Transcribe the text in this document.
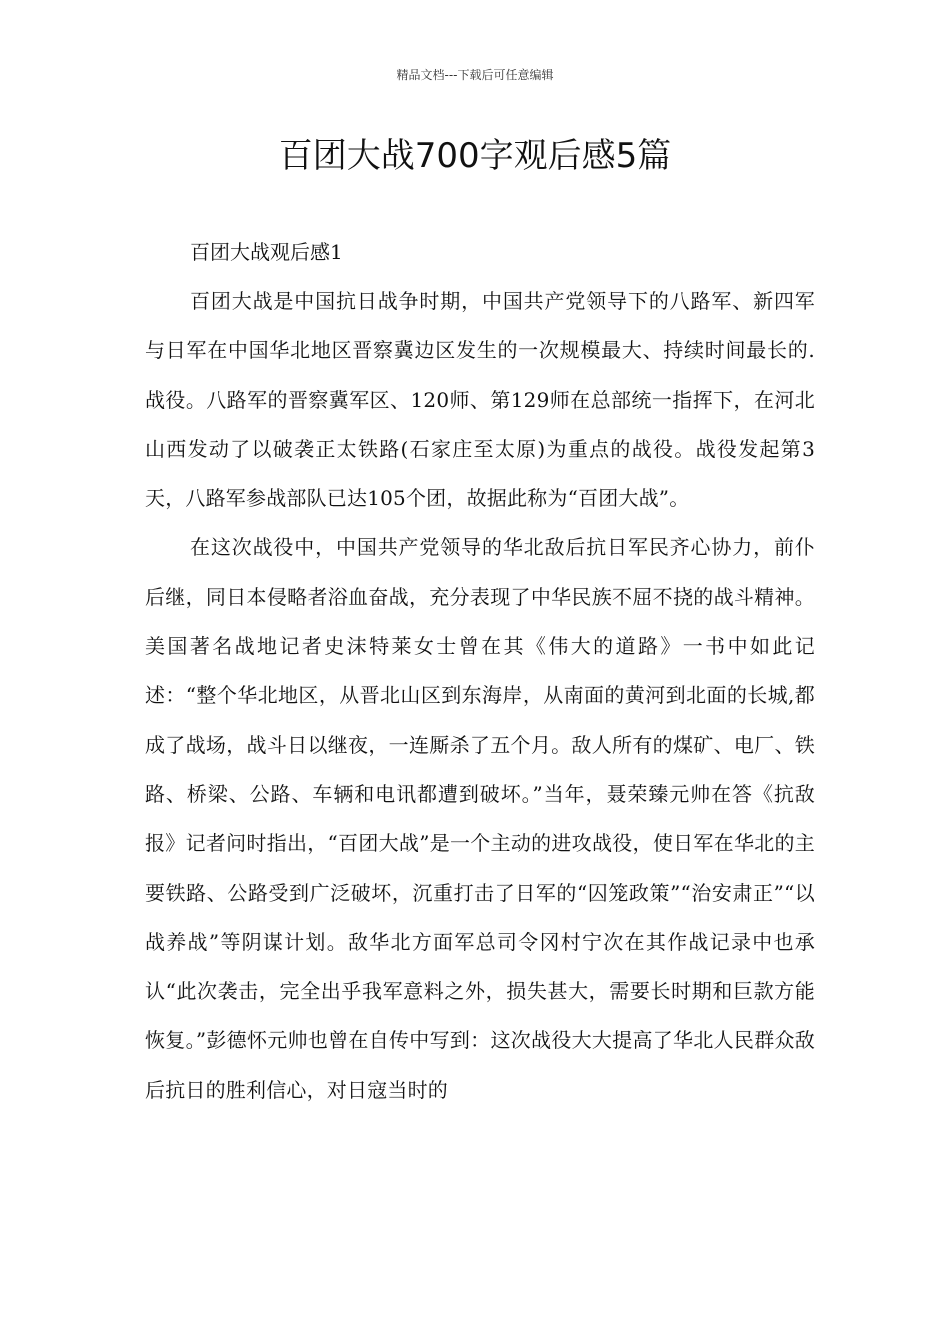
精品文档---下载后可任意编辑
百团大战700字观后感5篇

百团大战观后感1

百团大战是中国抗日战争时期，中国共产党领导下的八路军、新四军与日军在中国华北地区晋察冀边区发生的一次规模最大、持续时间最长的.战役。八路军的晋察冀军区、120师、第129师在总部统一指挥下，在河北山西发动了以破袭正太铁路(石家庄至太原)为重点的战役。战役发起第3天，八路军参战部队已达105个团，故据此称为“百团大战”。

在这次战役中，中国共产党领导的华北敌后抗日军民齐心协力，前仆后继，同日本侵略者浴血奋战，充分表现了中华民族不屈不挠的战斗精神。美国著名战地记者史沫特莱女士曾在其《伟大的道路》一书中如此记述：“整个华北地区，从晋北山区到东海岸，从南面的黄河到北面的长城,都成了战场，战斗日以继夜，一连厮杀了五个月。敌人所有的煤矿、电厂、铁路、桥梁、公路、车辆和电讯都遭到破坏。”当年，聂荣臻元帅在答《抗敌报》记者问时指出，“百团大战”是一个主动的进攻战役，使日军在华北的主要铁路、公路受到广泛破坏，沉重打击了日军的“囚笼政策”“治安肃正”“以战养战”等阴谋计划。敌华北方面军总司令冈村宁次在其作战记录中也承认“此次袭击，完全出乎我军意料之外，损失甚大，需要长时期和巨款方能恢复。”彭德怀元帅也曾在自传中写到：这次战役大大提高了华北人民群众敌后抗日的胜利信心，对日寇当时的
